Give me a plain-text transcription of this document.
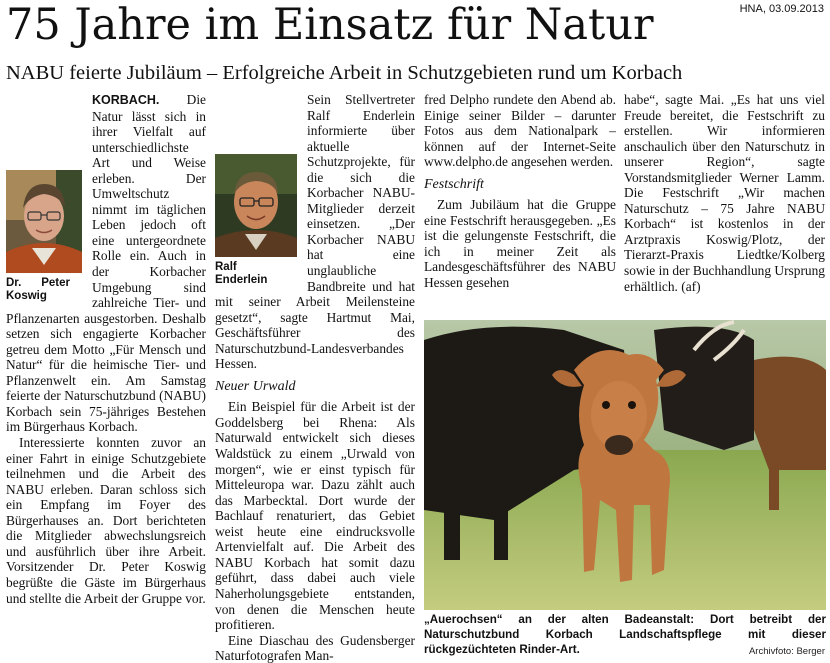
HNA, 03.09.2013
75 Jahre im Einsatz für Natur
NABU feierte Jubiläum – Erfolgreiche Arbeit in Schutzgebieten rund um Korbach

KORBACH.
Dr. Peter Koswig
Die Natur lässt sich in ihrer Vielfalt auf unterschiedlichste Art und Weise erleben. Der Umweltschutz nimmt im täglichen Leben jedoch oft eine untergeordnete Rolle ein. Auch in der Korbacher Umgebung sind zahlreiche Tier- und Pflanzenarten ausgestorben. Deshalb setzen sich engagierte Korbacher getreu dem Motto „Für Mensch und Natur“ für die heimische Tier- und Pflanzenwelt ein. Am Samstag feierte der Naturschutzbund (NABU) Korbach sein 75-jähriges Bestehen im Bürgerhaus Korbach.

Interessierte konnten zuvor an einer Fahrt in einige Schutzgebiete teilnehmen und die Arbeit des NABU erleben. Daran schloss sich ein Empfang im Foyer des Bürgerhauses an. Dort berichteten die Mitglieder abwechslungsreich und ausführlich über ihre Arbeit. Vorsitzender Dr. Peter Koswig begrüßte die Gäste im Bürgerhaus und stellte die Arbeit der Gruppe vor.

Ralf Enderlein
Sein Stellvertreter Ralf Enderlein informierte über aktuelle Schutzprojekte, für die sich die Korbacher NABU-Mitglieder derzeit einsetzen. „Der Korbacher NABU hat eine unglaubliche Bandbreite und hat mit seiner Arbeit Meilensteine gesetzt“, sagte Hartmut Mai, Geschäftsführer des Naturschutzbund-Landesverbandes Hessen.

Neuer Urwald

Ein Beispiel für die Arbeit ist der Goddelsberg bei Rhena: Als Naturwald entwickelt sich dieses Waldstück zu einem „Urwald von morgen“, wie er einst typisch für Mitteleuropa war. Dazu zählt auch das Marbecktal. Dort wurde der Bachlauf renaturiert, das Gebiet weist heute eine eindrucksvolle Artenvielfalt auf. Die Arbeit des NABU Korbach hat somit dazu geführt, dass dabei auch viele Naherholungsgebiete entstanden, von denen die Menschen heute profitieren.

Eine Diaschau des Gudensberger Naturfotografen Man-

fred Delpho rundete den Abend ab. Einige seiner Bilder – darunter Fotos aus dem Nationalpark – können auf der Internet-Seite www.delpho.de angesehen werden.

Festschrift

Zum Jubiläum hat die Gruppe eine Festschrift herausgegeben. „Es ist die gelungenste Festschrift, die ich in meiner Zeit als Landesgeschäftsführer des NABU Hessen gesehen

habe“, sagte Mai. „Es hat uns viel Freude bereitet, die Festschrift zu erstellen. Wir informieren anschaulich über den Naturschutz in unserer Region“, sagte Vorstandsmitglieder Werner Lamm. Die Festschrift „Wir machen Naturschutz – 75 Jahre NABU Korbach“ ist kostenlos in der Arztpraxis Koswig/Plotz, der Tierarzt-Praxis Liedtke/Kolberg sowie in der Buchhandlung Ursprung erhältlich. (af)

„Auerochsen“ an der alten Badeanstalt: Dort betreibt der Naturschutzbund Korbach Landschaftspflege mit dieser rückgezüchteten Rinder-Art.	Archivfoto: Berger
